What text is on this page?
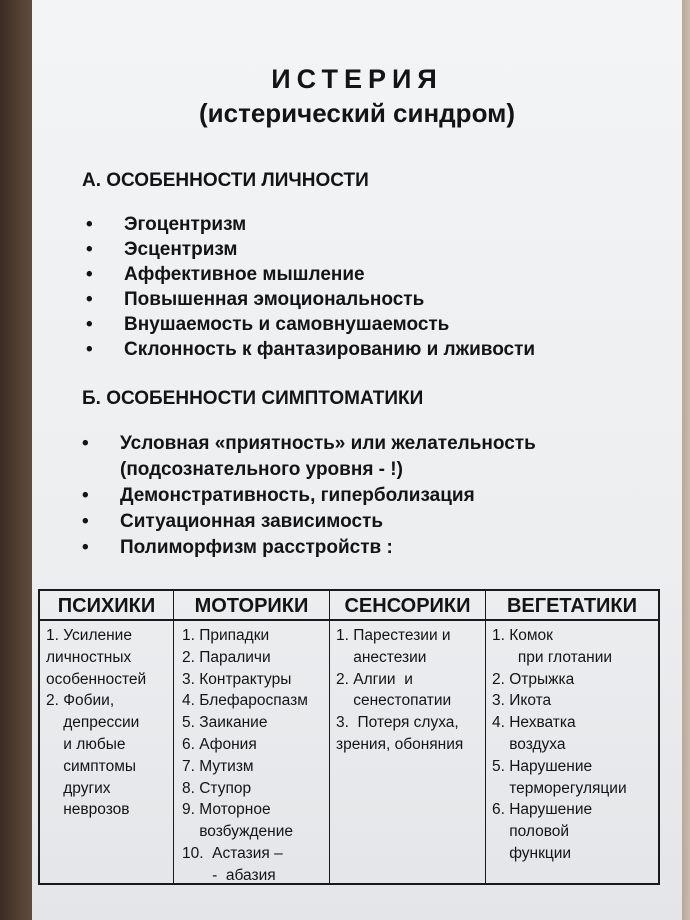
ИСТЕРИЯ
(истерический синдром)
А. ОСОБЕННОСТИ ЛИЧНОСТИ
• Эгоцентризм
• Эсцентризм
• Аффективное мышление
• Повышенная эмоциональность
• Внушаемость и самовнушаемость
• Склонность к фантазированию и лживости
Б. ОСОБЕННОСТИ СИМПТОМАТИКИ
• Условная «приятность» или желательность
(подсознательного уровня - !)
• Демонстративность, гиперболизация
• Ситуационная зависимость
• Полиморфизм расстройств :
ПСИХИКИ
1. Усиление
личностных
особенностей
2. Фобии,
депрессии
и любые
симптомы
других
неврозов
МОТОРИКИ
1. Припадки
2. Параличи
3. Контрактуры
4. Блефароспазм
5. Заикание
6. Афония
7. Мутизм
8. Ступор
9. Моторное
возбуждение
10.  Астазия –
-  абазия
СЕНСОРИКИ
1. Парестезии и
анестезии
2. Алгии  и
сенестопатии
3.  Потеря слуха,
зрения, обоняния
ВЕГЕТАТИКИ
1. Комок
при глотании
2. Отрыжка
3. Икота
4. Нехватка
воздуха
5. Нарушение
терморегуляции
6. Нарушение
половой
функции
